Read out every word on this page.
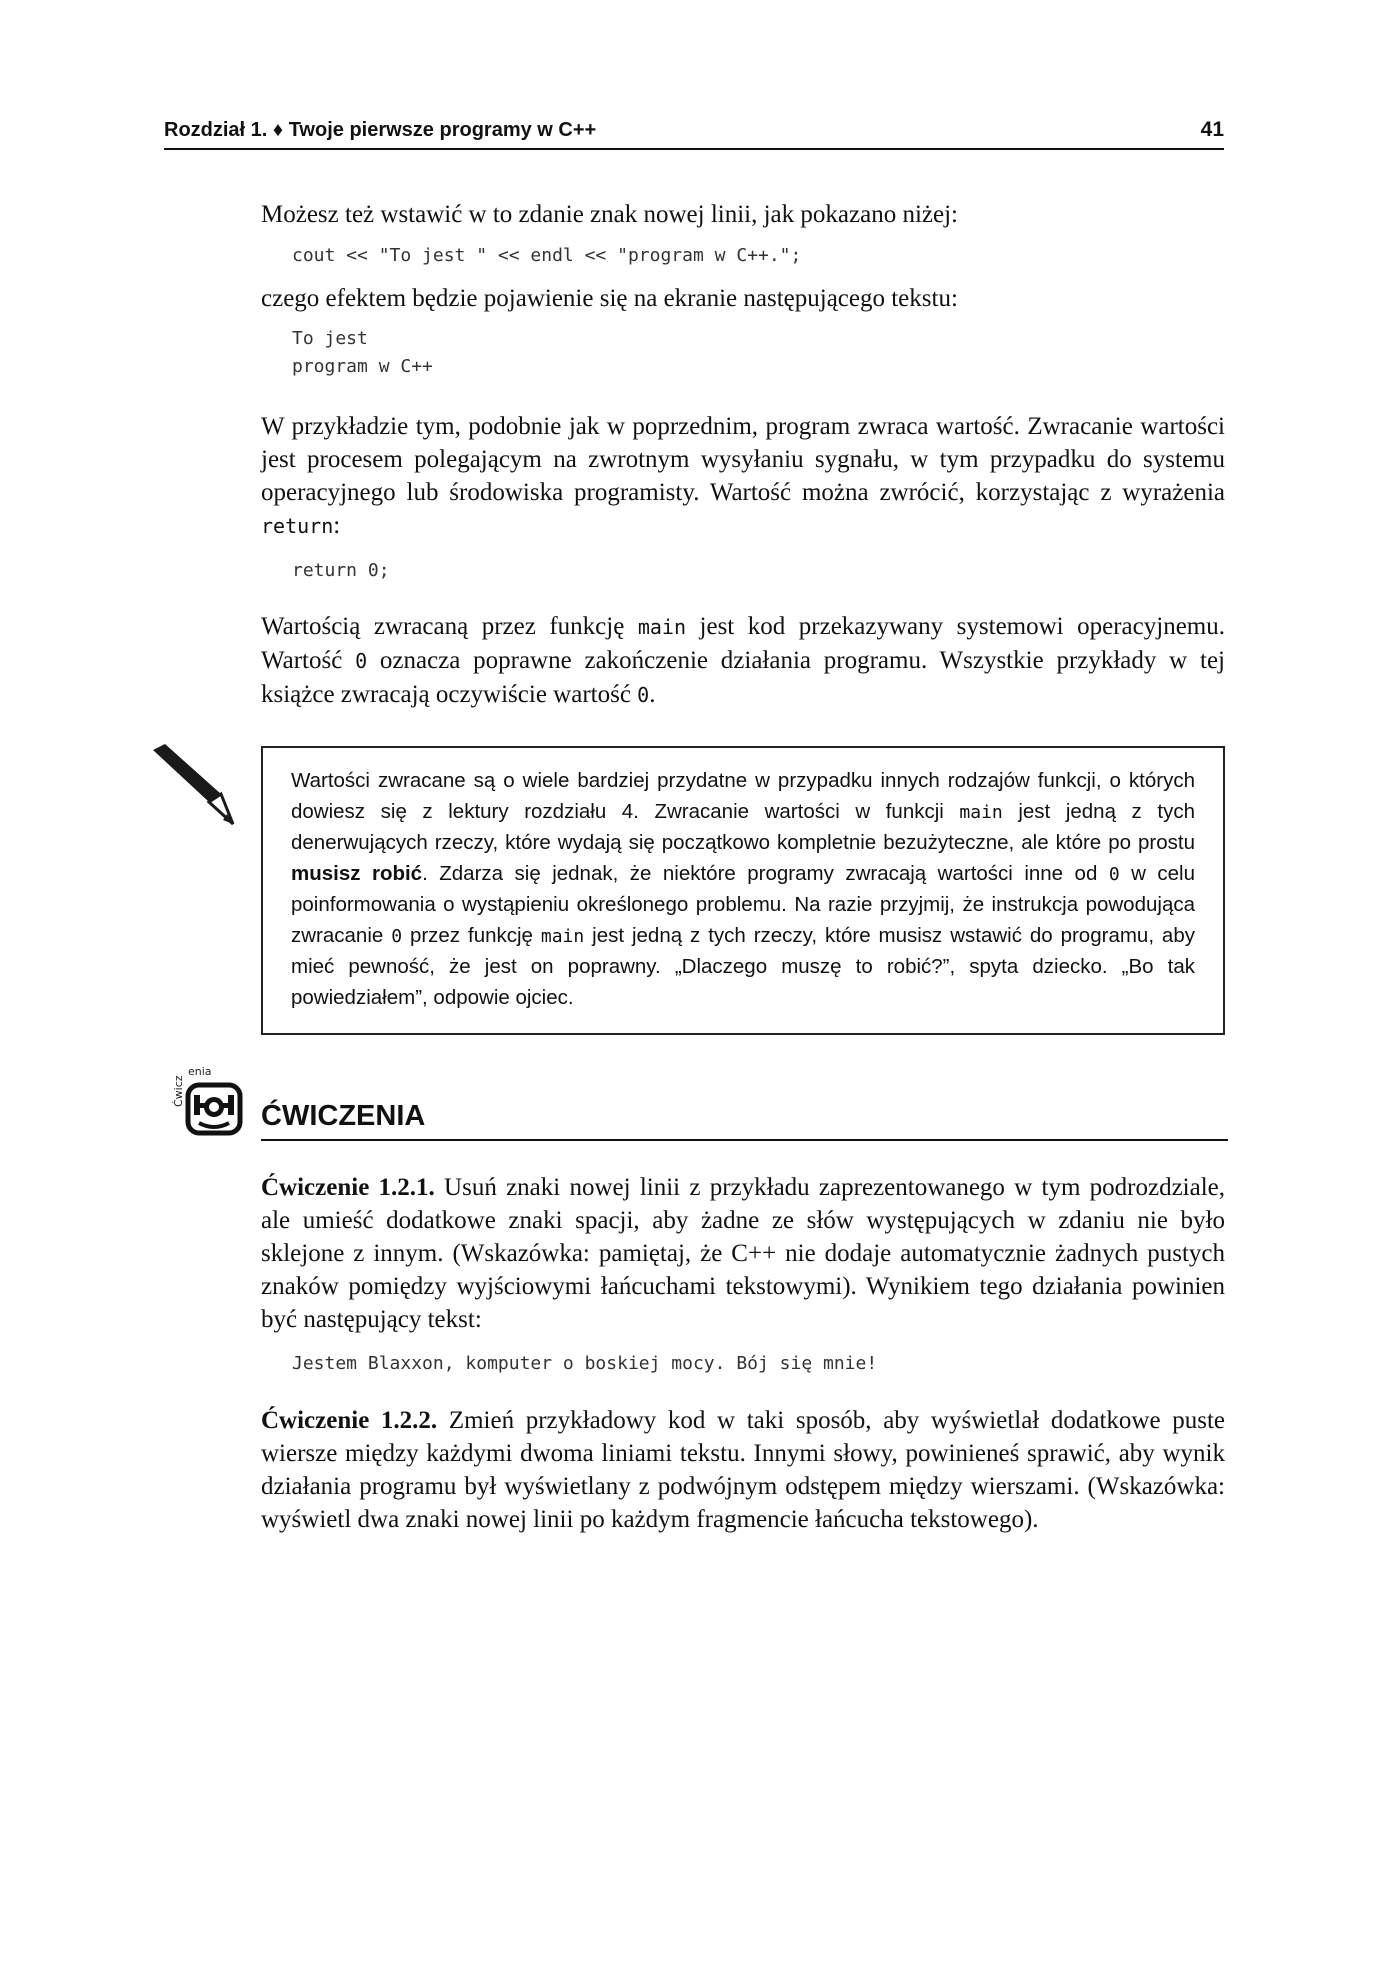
Rozdział 1. ♦ Twoje pierwsze programy w C++	41

Możesz też wstawić w to zdanie znak nowej linii, jak pokazano niżej:

cout << "To jest " << endl << "program w C++.";

czego efektem będzie pojawienie się na ekranie następującego tekstu:

To jest
program w C++

W przykładzie tym, podobnie jak w poprzednim, program zwraca wartość. Zwracanie wartości jest procesem polegającym na zwrotnym wysyłaniu sygnału, w tym przypadku do systemu operacyjnego lub środowiska programisty. Wartość można zwrócić, korzystając z wyrażenia return:

return 0;

Wartością zwracaną przez funkcję main jest kod przekazywany systemowi operacyjnemu. Wartość 0 oznacza poprawne zakończenie działania programu. Wszystkie przykłady w tej książce zwracają oczywiście wartość 0.

Wartości zwracane są o wiele bardziej przydatne w przypadku innych rodzajów funkcji, o których dowiesz się z lektury rozdziału 4. Zwracanie wartości w funkcji main jest jedną z tych denerwujących rzeczy, które wydają się początkowo kompletnie bezużyteczne, ale które po prostu musisz robić. Zdarza się jednak, że niektóre programy zwracają wartości inne od 0 w celu poinformowania o wystąpieniu określonego problemu. Na razie przyjmij, że instrukcja powodująca zwracanie 0 przez funkcję main jest jedną z tych rzeczy, które musisz wstawić do programu, aby mieć pewność, że jest on poprawny. „Dlaczego muszę to robić?”, spyta dziecko. „Bo tak powiedziałem”, odpowie ojciec.
Ćwicz
enia
ĆWICZENIA

Ćwiczenie 1.2.1. Usuń znaki nowej linii z przykładu zaprezentowanego w tym podrozdziale, ale umieść dodatkowe znaki spacji, aby żadne ze słów występujących w zdaniu nie było sklejone z innym. (Wskazówka: pamiętaj, że C++ nie dodaje automatycznie żadnych pustych znaków pomiędzy wyjściowymi łańcuchami tekstowymi). Wynikiem tego działania powinien być następujący tekst:

Jestem Blaxxon, komputer o boskiej mocy. Bój się mnie!

Ćwiczenie 1.2.2. Zmień przykładowy kod w taki sposób, aby wyświetlał dodatkowe puste wiersze między każdymi dwoma liniami tekstu. Innymi słowy, powinieneś sprawić, aby wynik działania programu był wyświetlany z podwójnym odstępem między wierszami. (Wskazówka: wyświetl dwa znaki nowej linii po każdym fragmencie łańcucha tekstowego).
